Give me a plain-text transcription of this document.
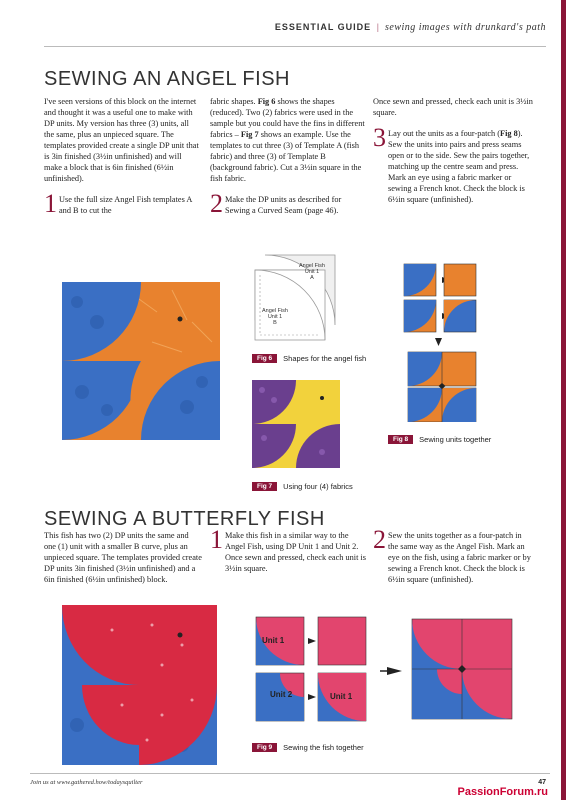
ESSENTIAL GUIDE | sewing images with drunkard's path
SEWING AN ANGEL FISH
I've seen versions of this block on the internet and thought it was a useful one to make with DP units. My version has three (3) units, all the same, plus an unpieced square. The templates provided create a single DP unit that is 3in finished (3½in unfinished) and will make a block that is 6in finished (6½in unfinished).
1 Use the full size Angel Fish templates A and B to cut the
fabric shapes. Fig 6 shows the shapes (reduced). Two (2) fabrics were used in the sample but you could have the fins in different fabrics – Fig 7 shows an example. Use the templates to cut three (3) of Template A (fish fabric) and three (3) of Template B (background fabric). Cut a 3½in square in the fish fabric.
2 Make the DP units as described for Sewing a Curved Seam (page 46).
Once sewn and pressed, check each unit is 3½in square.
3 Lay out the units as a four-patch (Fig 8). Sew the units into pairs and press seams open or to the side. Sew the pairs together, matching up the centre seam and press. Mark an eye using a fabric marker or sewing a French knot. Check the block is 6½in square (unfinished).
Angel Fish
Unit 1
A
Angel Fish
Unit 1
B
Fig 6	Shapes for the angel fish
Fig 7	Using four (4) fabrics
Fig 8	Sewing units together
SEWING A BUTTERFLY FISH
This fish has two (2) DP units the same and one (1) unit with a smaller B curve, plus an unpieced square. The templates provided create DP units 3in finished (3½in unfinished) and a 6in finished (6½in unfinished) block.
1 Make this fish in a similar way to the Angel Fish, using DP Unit 1 and Unit 2. Once sewn and pressed, check each unit is 3½in square.
2 Sew the units together as a four-patch in the same way as the Angel Fish. Mark an eye on the fish, using a fabric marker or by sewing a French knot. Check the block is 6½in square (unfinished).
Unit 1
Unit 2	Unit 1
Fig 9	Sewing the fish together
Join us at www.gathered.how/todaysquilter	47
PassionForum.ru
